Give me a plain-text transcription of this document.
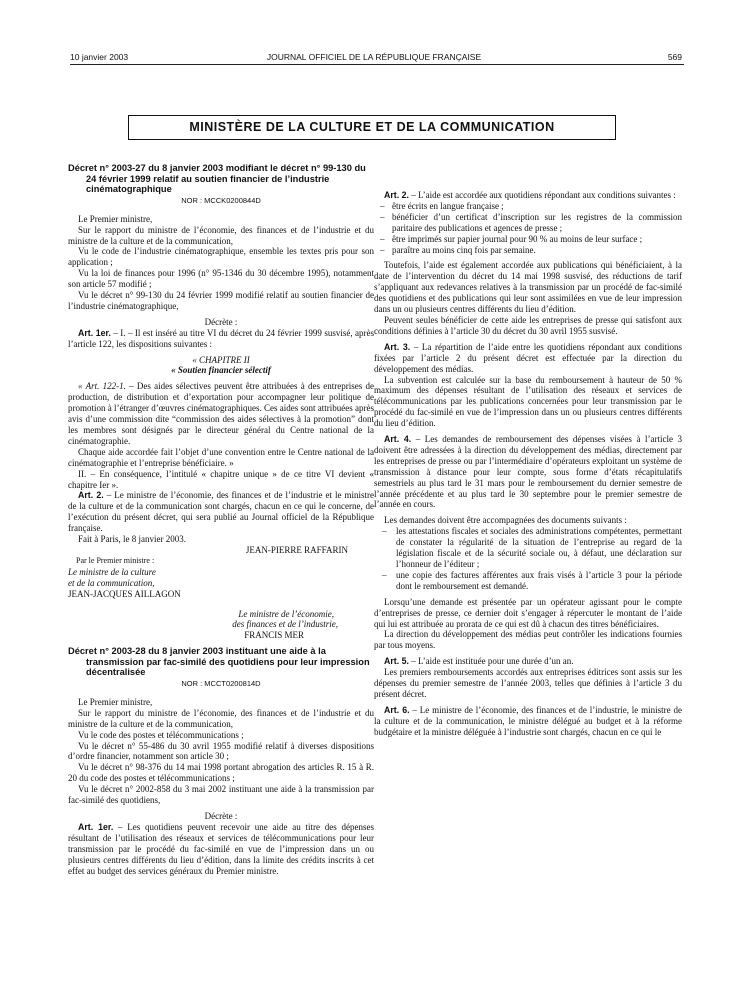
10 janvier 2003	JOURNAL OFFICIEL DE LA RÉPUBLIQUE FRANÇAISE	569
MINISTÈRE DE LA CULTURE ET DE LA COMMUNICATION
Décret n° 2003-27 du 8 janvier 2003 modifiant le décret n° 99-130 du 24 février 1999 relatif au soutien financier de l’industrie cinématographique
NOR : MCCK0200844D

Le Premier ministre,

Sur le rapport du ministre de l’économie, des finances et de l’industrie et du ministre de la culture et de la communication,

Vu le code de l’industrie cinématographique, ensemble les textes pris pour son application ;

Vu la loi de finances pour 1996 (n° 95-1346 du 30 décembre 1995), notamment son article 57 modifié ;

Vu le décret n° 99-130 du 24 février 1999 modifié relatif au soutien financier de l’industrie cinématographique,

Décrète :

Art. 1er. – I. – Il est inséré au titre VI du décret du 24 février 1999 susvisé, après l’article 122, les dispositions suivantes :

« CHAPITRE II

« Soutien financier sélectif

« Art. 122-1. – Des aides sélectives peuvent être attribuées à des entreprises de production, de distribution et d’exportation pour accompagner leur politique de promotion à l’étranger d’œuvres cinématographiques. Ces aides sont attribuées après avis d’une commission dite “commission des aides sélectives à la promotion” dont les membres sont désignés par le directeur général du Centre national de la cinématographie.

Chaque aide accordée fait l’objet d’une convention entre le Centre national de la cinématographie et l’entreprise bénéficiaire. »

II. – En conséquence, l’intitulé « chapitre unique » de ce titre VI devient « chapitre Ier ».

Art. 2. – Le ministre de l’économie, des finances et de l’industrie et le ministre de la culture et de la communication sont chargés, chacun en ce qui le concerne, de l’exécution du présent décret, qui sera publié au Journal officiel de la République française.

Fait à Paris, le 8 janvier 2003.

JEAN-PIERRE RAFFARIN

Par le Premier ministre :

Le ministre de la culture

et de la communication,

JEAN-JACQUES AILLAGON

Le ministre de l’économie,

des finances et de l’industrie,

FRANCIS MER

Décret n° 2003-28 du 8 janvier 2003 instituant une aide à la transmission par fac-similé des quotidiens pour leur impression décentralisée
NOR : MCCT0200814D

Le Premier ministre,

Sur le rapport du ministre de l’économie, des finances et de l’industrie et du ministre de la culture et de la communication,

Vu le code des postes et télécommunications ;

Vu le décret n° 55-486 du 30 avril 1955 modifié relatif à diverses dispositions d’ordre financier, notamment son article 30 ;

Vu le décret n° 98-376 du 14 mai 1998 portant abrogation des articles R. 15 à R. 20 du code des postes et télécommunications ;

Vu le décret n° 2002-858 du 3 mai 2002 instituant une aide à la transmission par fac-similé des quotidiens,

Décrète :

Art. 1er. – Les quotidiens peuvent recevoir une aide au titre des dépenses résultant de l’utilisation des réseaux et services de télécommunications pour leur transmission par le procédé du fac-similé en vue de l’impression dans un ou plusieurs centres différents du lieu d’édition, dans la limite des crédits inscrits à cet effet au budget des services généraux du Premier ministre.

Art. 2. – L’aide est accordée aux quotidiens répondant aux conditions suivantes :

– être écrits en langue française ;
– bénéficier d’un certificat d’inscription sur les registres de la commission paritaire des publications et agences de presse ;
– être imprimés sur papier journal pour 90 % au moins de leur surface ;
– paraître au moins cinq fois par semaine.

Toutefois, l’aide est également accordée aux publications qui bénéficiaient, à la date de l’intervention du décret du 14 mai 1998 susvisé, des réductions de tarif s’appliquant aux redevances relatives à la transmission par un procédé de fac-similé des quotidiens et des publications qui leur sont assimilées en vue de leur impression dans un ou plusieurs centres différents du lieu d’édition.

Peuvent seules bénéficier de cette aide les entreprises de presse qui satisfont aux conditions définies à l’article 30 du décret du 30 avril 1955 susvisé.

Art. 3. – La répartition de l’aide entre les quotidiens répondant aux conditions fixées par l’article 2 du présent décret est effectuée par la direction du développement des médias.

La subvention est calculée sur la base du remboursement à hauteur de 50 % maximum des dépenses résultant de l’utilisation des réseaux et services de télécommunications par les publications concernées pour leur transmission par le procédé du fac-similé en vue de l’impression dans un ou plusieurs centres différents du lieu d’édition.

Art. 4. – Les demandes de remboursement des dépenses visées à l’article 3 doivent être adressées à la direction du développement des médias, directement par les entreprises de presse ou par l’intermédiaire d’opérateurs exploitant un système de transmission à distance pour leur compte, sous forme d’états récapitulatifs semestriels au plus tard le 31 mars pour le remboursement du dernier semestre de l’année précédente et au plus tard le 30 septembre pour le premier semestre de l’année en cours.

Les demandes doivent être accompagnées des documents suivants :

– les attestations fiscales et sociales des administrations compétentes, permettant de constater la régularité de la situation de l’entreprise au regard de la législation fiscale et de la sécurité sociale ou, à défaut, une déclaration sur l’honneur de l’éditeur ;
– une copie des factures afférentes aux frais visés à l’article 3 pour la période dont le remboursement est demandé.

Lorsqu’une demande est présentée par un opérateur agissant pour le compte d’entreprises de presse, ce dernier doit s’engager à répercuter le montant de l’aide qui lui est attribuée au prorata de ce qui est dû à chacun des titres bénéficiaires.

La direction du développement des médias peut contrôler les indications fournies par tous moyens.

Art. 5. – L’aide est instituée pour une durée d’un an.

Les premiers remboursements accordés aux entreprises éditrices sont assis sur les dépenses du premier semestre de l’année 2003, telles que définies à l’article 3 du présent décret.

Art. 6. – Le ministre de l’économie, des finances et de l’industrie, le ministre de la culture et de la communication, le ministre délégué au budget et à la réforme budgétaire et la ministre déléguée à l’industrie sont chargés, chacun en ce qui le
